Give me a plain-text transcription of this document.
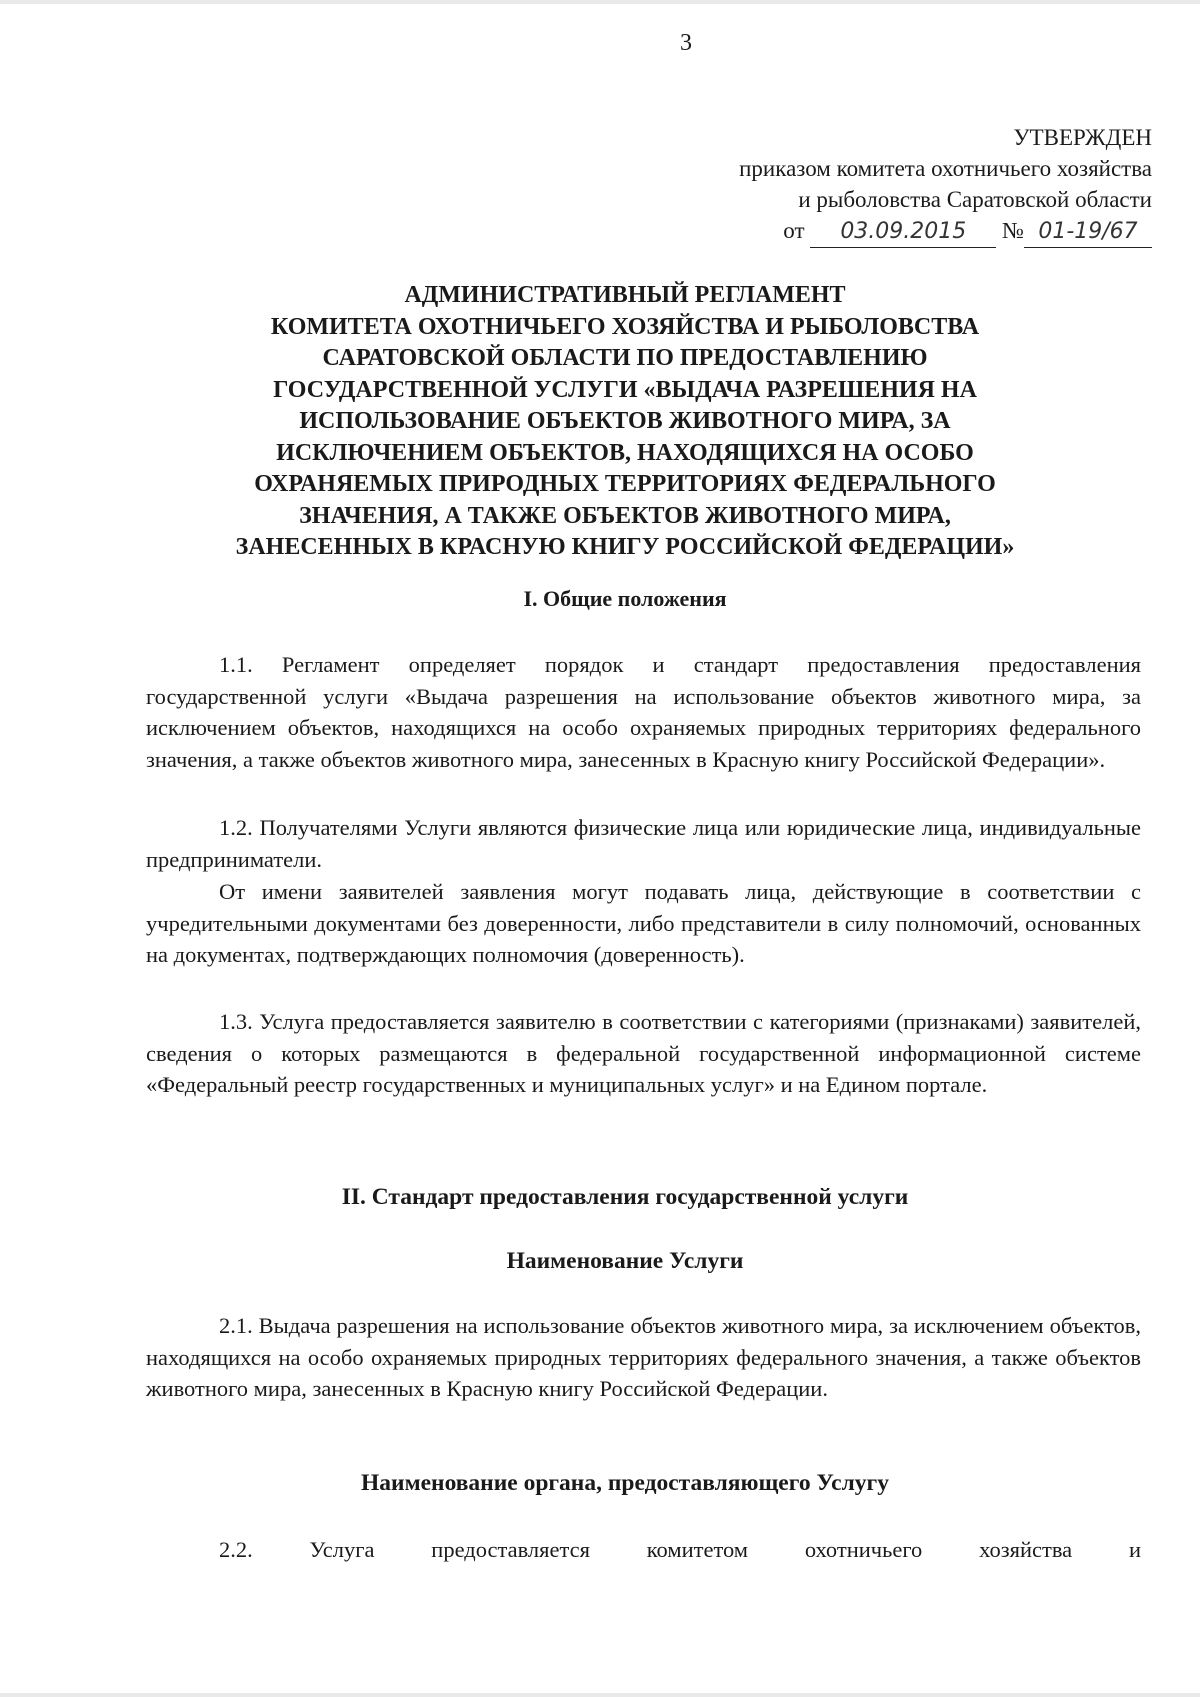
3
УТВЕРЖДЕН
приказом комитета охотничьего хозяйства
и рыболовства Саратовской области
от 03.09.2015 № 01-19/67
АДМИНИСТРАТИВНЫЙ РЕГЛАМЕНТ
КОМИТЕТА ОХОТНИЧЬЕГО ХОЗЯЙСТВА И РЫБОЛОВСТВА
САРАТОВСКОЙ ОБЛАСТИ ПО ПРЕДОСТАВЛЕНИЮ
ГОСУДАРСТВЕННОЙ УСЛУГИ «ВЫДАЧА РАЗРЕШЕНИЯ НА
ИСПОЛЬЗОВАНИЕ ОБЪЕКТОВ ЖИВОТНОГО МИРА, ЗА
ИСКЛЮЧЕНИЕМ ОБЪЕКТОВ, НАХОДЯЩИХСЯ НА ОСОБО
ОХРАНЯЕМЫХ ПРИРОДНЫХ ТЕРРИТОРИЯХ ФЕДЕРАЛЬНОГО
ЗНАЧЕНИЯ, А ТАКЖЕ ОБЪЕКТОВ ЖИВОТНОГО МИРА,
ЗАНЕСЕННЫХ В КРАСНУЮ КНИГУ РОССИЙСКОЙ ФЕДЕРАЦИИ»
I. Общие положения
1.1. Регламент определяет порядок и стандарт предоставления предоставления государственной услуги «Выдача разрешения на использование объектов животного мира, за исключением объектов, находящихся на особо охраняемых природных территориях федерального значения, а также объектов животного мира, занесенных в Красную книгу Российской Федерации».
1.2. Получателями Услуги являются физические лица или юридические лица, индивидуальные предприниматели.
От имени заявителей заявления могут подавать лица, действующие в соответствии с учредительными документами без доверенности, либо представители в силу полномочий, основанных на документах, подтверждающих полномочия (доверенность).
1.3. Услуга предоставляется заявителю в соответствии с категориями (признаками) заявителей, сведения о которых размещаются в федеральной государственной информационной системе «Федеральный реестр государственных и муниципальных услуг» и на Едином портале.
II. Стандарт предоставления государственной услуги
Наименование Услуги
2.1. Выдача разрешения на использование объектов животного мира, за исключением объектов, находящихся на особо охраняемых природных территориях федерального значения, а также объектов животного мира, занесенных в Красную книгу Российской Федерации.
Наименование органа, предоставляющего Услугу
2.2. Услуга предоставляется комитетом охотничьего хозяйства и
